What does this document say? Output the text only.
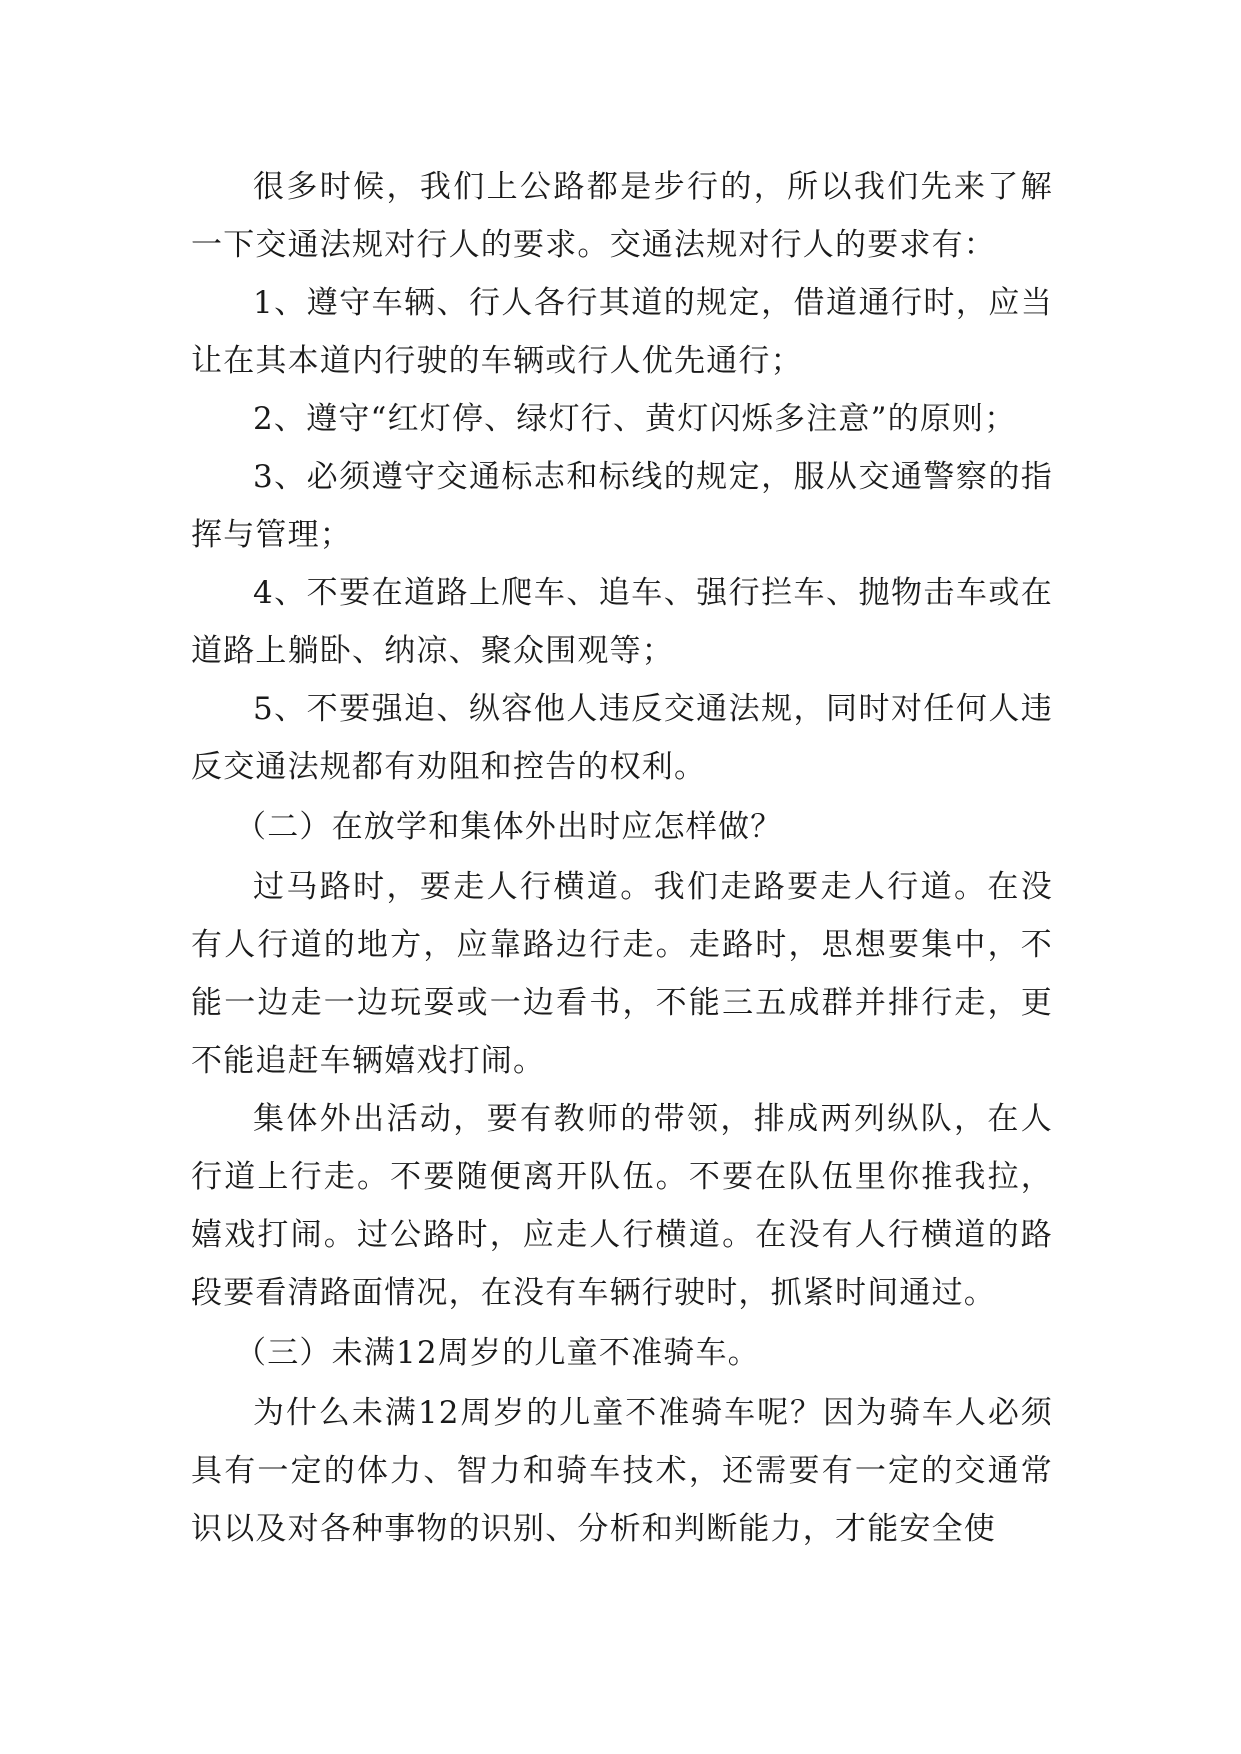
很多时候，我们上公路都是步行的，所以我们先来了解一下交通法规对行人的要求。交通法规对行人的要求有：

1、遵守车辆、行人各行其道的规定，借道通行时，应当让在其本道内行驶的车辆或行人优先通行；

2、遵守“红灯停、绿灯行、黄灯闪烁多注意”的原则；

3、必须遵守交通标志和标线的规定，服从交通警察的指挥与管理；

4、不要在道路上爬车、追车、强行拦车、抛物击车或在道路上躺卧、纳凉、聚众围观等；

5、不要强迫、纵容他人违反交通法规，同时对任何人违反交通法规都有劝阻和控告的权利。

（二）在放学和集体外出时应怎样做？

过马路时，要走人行横道。我们走路要走人行道。在没有人行道的地方，应靠路边行走。走路时，思想要集中，不能一边走一边玩耍或一边看书，不能三五成群并排行走，更不能追赶车辆嬉戏打闹。

集体外出活动，要有教师的带领，排成两列纵队，在人行道上行走。不要随便离开队伍。不要在队伍里你推我拉，嬉戏打闹。过公路时，应走人行横道。在没有人行横道的路段要看清路面情况，在没有车辆行驶时，抓紧时间通过。

（三）未满12周岁的儿童不准骑车。

为什么未满12周岁的儿童不准骑车呢？因为骑车人必须具有一定的体力、智力和骑车技术，还需要有一定的交通常识以及对各种事物的识别、分析和判断能力，才能安全使
